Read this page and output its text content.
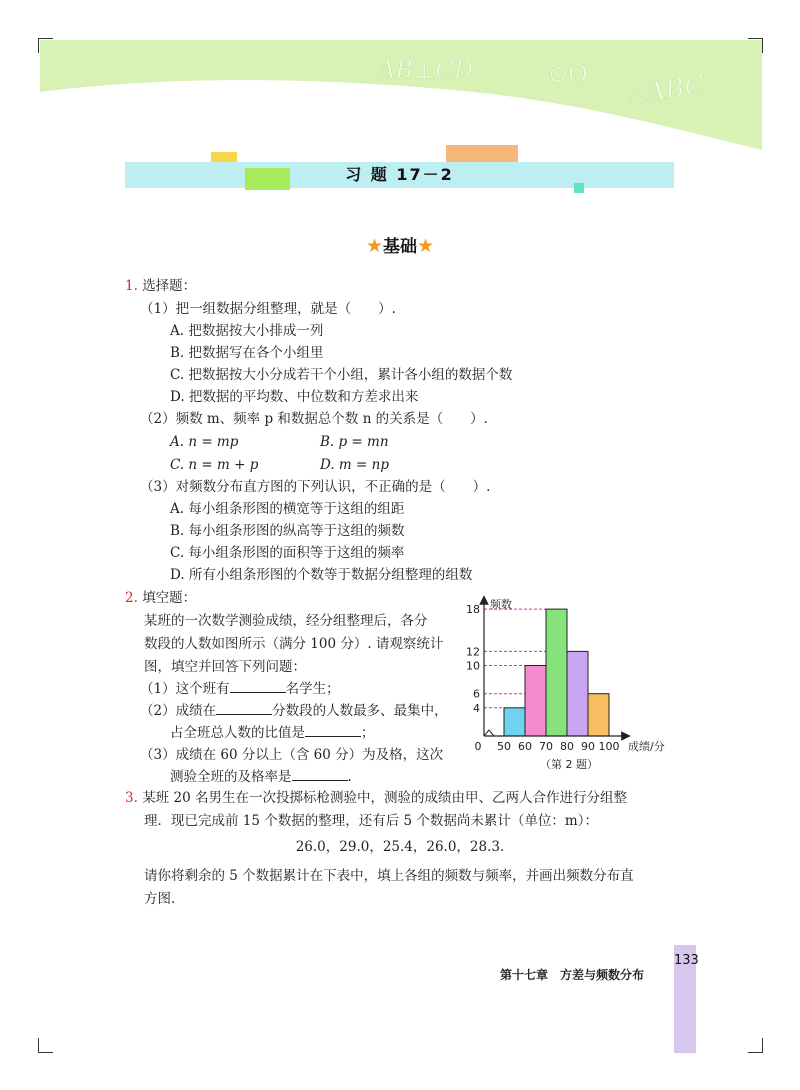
AB⊥CD	⊙O △ABC
习 题 17－2
★基础★
1. 选择题：
（1）把一组数据分组整理，就是（　　）.
A. 把数据按大小排成一列
B. 把数据写在各个小组里
C. 把数据按大小分成若干个小组，累计各小组的数据个数
D. 把数据的平均数、中位数和方差求出来
（2）频数 m、频率 p 和数据总个数 n 的关系是（　　）.
A. n = mp	B. p = mn
C. n = m + p	D. m = np
（3）对频数分布直方图的下列认识，不正确的是（　　）.
A. 每小组条形图的横宽等于这组的组距
B. 每小组条形图的纵高等于这组的频数
C. 每小组条形图的面积等于这组的频率
D. 所有小组条形图的个数等于数据分组整理的组数
2. 填空题：
某班的一次数学测验成绩，经分组整理后，各分
数段的人数如图所示（满分 100 分）. 请观察统计
图，填空并回答下列问题：
（1）这个班有	名学生；
（2）成绩在	分数段的人数最多、最集中，
占全班总人数的比值是	；
（3）成绩在 60 分以上（含 60 分）为及格，这次
测验全班的及格率是	.
频数
成绩/分
0 50 60 70 80 90 100
4
6
10
12
18
（第 2 题）
3. 某班 20 名男生在一次投掷标枪测验中，测验的成绩由甲、乙两人合作进行分组整
理．现已完成前 15 个数据的整理，还有后 5 个数据尚未累计（单位：m）：
26.0，29.0，25.4，26.0，28.3.
请你将剩余的 5 个数据累计在下表中，填上各组的频数与频率，并画出频数分布直
方图．
第十七章　方差与频数分布
133
